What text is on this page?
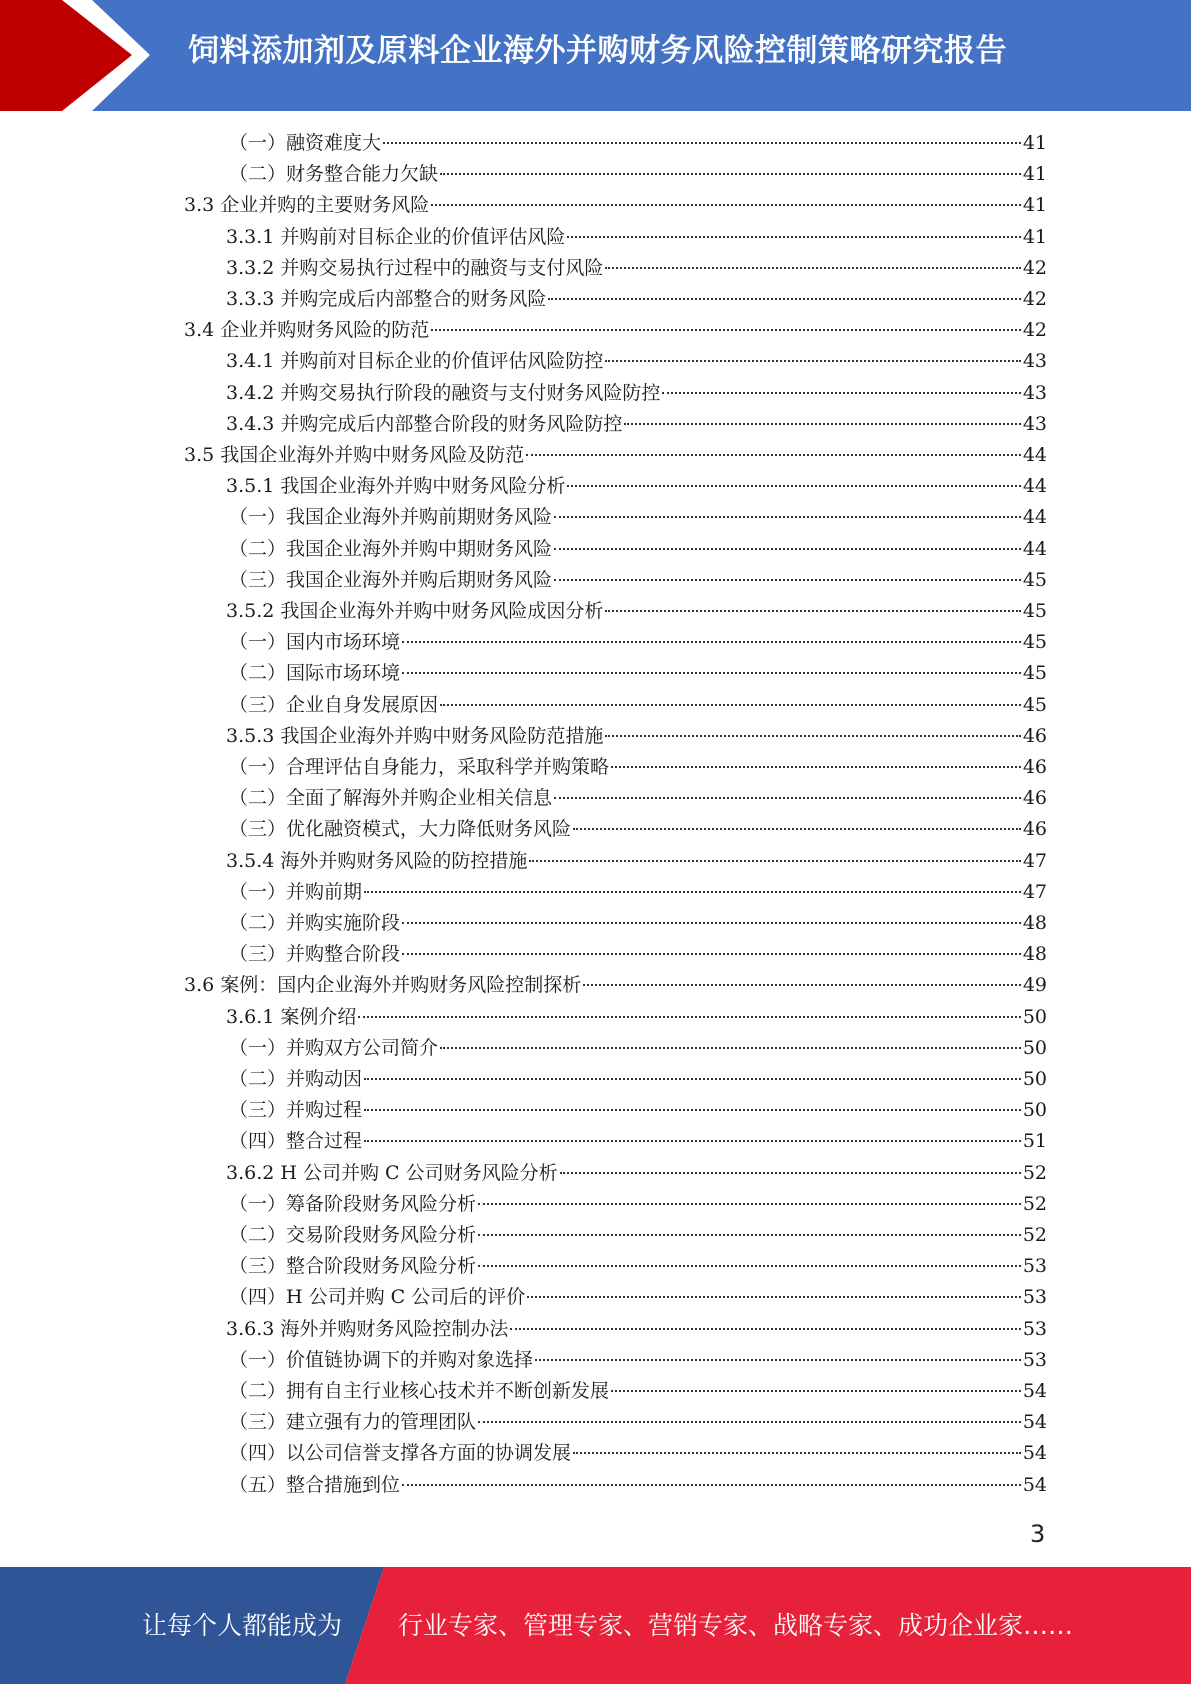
饲料添加剂及原料企业海外并购财务风险控制策略研究报告
（一）融资难度大	41
（二）财务整合能力欠缺	41
3.3 企业并购的主要财务风险	41
3.3.1 并购前对目标企业的价值评估风险	41
3.3.2 并购交易执行过程中的融资与支付风险	42
3.3.3 并购完成后内部整合的财务风险	42
3.4 企业并购财务风险的防范	42
3.4.1 并购前对目标企业的价值评估风险防控	43
3.4.2 并购交易执行阶段的融资与支付财务风险防控	43
3.4.3 并购完成后内部整合阶段的财务风险防控	43
3.5 我国企业海外并购中财务风险及防范	44
3.5.1 我国企业海外并购中财务风险分析	44
（一）我国企业海外并购前期财务风险	44
（二）我国企业海外并购中期财务风险	44
（三）我国企业海外并购后期财务风险	45
3.5.2 我国企业海外并购中财务风险成因分析	45
（一）国内市场环境	45
（二）国际市场环境	45
（三）企业自身发展原因	45
3.5.3 我国企业海外并购中财务风险防范措施	46
（一）合理评估自身能力，采取科学并购策略	46
（二）全面了解海外并购企业相关信息	46
（三）优化融资模式，大力降低财务风险	46
3.5.4 海外并购财务风险的防控措施	47
（一）并购前期	47
（二）并购实施阶段	48
（三）并购整合阶段	48
3.6 案例：国内企业海外并购财务风险控制探析	49
3.6.1 案例介绍	50
（一）并购双方公司简介	50
（二）并购动因	50
（三）并购过程	50
（四）整合过程	51
3.6.2 H 公司并购 C 公司财务风险分析	52
（一）筹备阶段财务风险分析	52
（二）交易阶段财务风险分析	52
（三）整合阶段财务风险分析	53
（四）H 公司并购 C 公司后的评价	53
3.6.3 海外并购财务风险控制办法	53
（一）价值链协调下的并购对象选择	53
（二）拥有自主行业核心技术并不断创新发展	54
（三）建立强有力的管理团队	54
（四）以公司信誉支撑各方面的协调发展	54
（五）整合措施到位	54
3
让每个人都能成为 行业专家、管理专家、营销专家、战略专家、成功企业家……
